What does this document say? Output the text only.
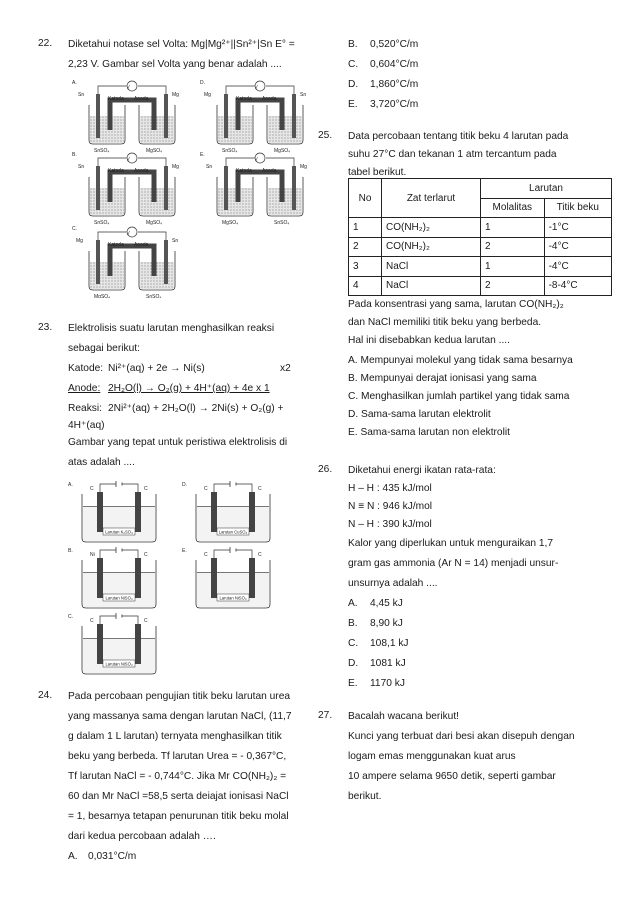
22. Diketahui notase sel Volta: Mg|Mg²⁺||Sn²⁺|Sn E° =
2,23 V. Gambar sel Volta yang benar adalah ....
A.
V
Katoda Anoda
Sn	Mg
SnSO₄	MgSO₄
D.
V
Katoda Anoda
Mg	Sn
SnSO₄	MgSO₄
B.
V
Katoda Anoda
Sn	Mg
SnSO₄	MgSO₄
E.
V
Katoda Anoda
Sn	Mg
MgSO₄	SnSO₄
C.
V
Katoda Anoda
Mg	Sn
MgSO₄	SnSO₄
23. Elektrolisis suatu larutan menghasilkan reaksi
sebagai berikut:
Katode: Ni²⁺(aq) + 2e → Ni(s)	x2
Anode: 2H₂O(l) → O₂(g) + 4H⁺(aq) + 4e x 1
Reaksi: 2Ni²⁺(aq) + 2H₂O(l) → 2Ni(s) + O₂(g) +
4H⁺(aq)
Gambar yang tepat untuk peristiwa elektrolisis di
atas adalah ....
A.
C	C
Larutan K₂SO₄
D.
C	C
Larutan CuSO₄
B.
Ni	C
Larutan NiSO₄
E.
C	C
Larutan NiSO₄
C.
C	C
Larutan NiSO₄
24. Pada percobaan pengujian titik beku larutan urea
yang massanya sama dengan larutan NaCl, (11,7
g dalam 1 L larutan) ternyata menghasilkan titik
beku yang berbeda. Tf larutan Urea = - 0,367°C,
Tf larutan NaCl = - 0,744°C. Jika Mr CO(NH₂)₂ =
60 dan Mr NaCl =58,5 serta deiajat ionisasi NaCl
= 1, besarnya tetapan penurunan titik beku molal
dari kedua percobaan adalah ….
A. 0,031°C/m
B. 0,520°C/m
C. 0,604°C/m
D. 1,860°C/m
E. 3,720°C/m
25. Data percobaan tentang titik beku 4 larutan pada
suhu 27°C dan tekanan 1 atm tercantum pada
tabel berikut.
No	Zat terlarut	Larutan	
		Molalitas	Titik beku
1	CO(NH₂)₂	1	-1°C
2	CO(NH₂)₂	2	-4°C
3	NaCl	1	-4°C
4	NaCl	2	-8-4°C
Pada konsentrasi yang sama, larutan CO(NH₂)₂
dan NaCl memiliki titik beku yang berbeda.
Hal ini disebabkan kedua larutan ....
A. Mempunyai molekul yang tidak sama besarnya
B. Mempunyai derajat ionisasi yang sama
C. Menghasilkan jumlah partikel yang tidak sama
D. Sama-sama larutan elektrolit
E. Sama-sama larutan non elektrolit
26. Diketahui energi ikatan rata-rata:
H – H : 435 kJ/mol
N ≡ N : 946 kJ/mol
N – H : 390 kJ/mol
Kalor yang diperlukan untuk menguraikan 1,7
gram gas ammonia (Ar N = 14) menjadi unsur-
unsurnya adalah ....
A. 4,45 kJ
B. 8,90 kJ
C. 108,1 kJ
D. 1081 kJ
E. 1170 kJ
27. Bacalah wacana berikut!
Kunci yang terbuat dari besi akan disepuh dengan
logam emas menggunakan kuat arus
10 ampere selama 9650 detik, seperti gambar
berikut.
